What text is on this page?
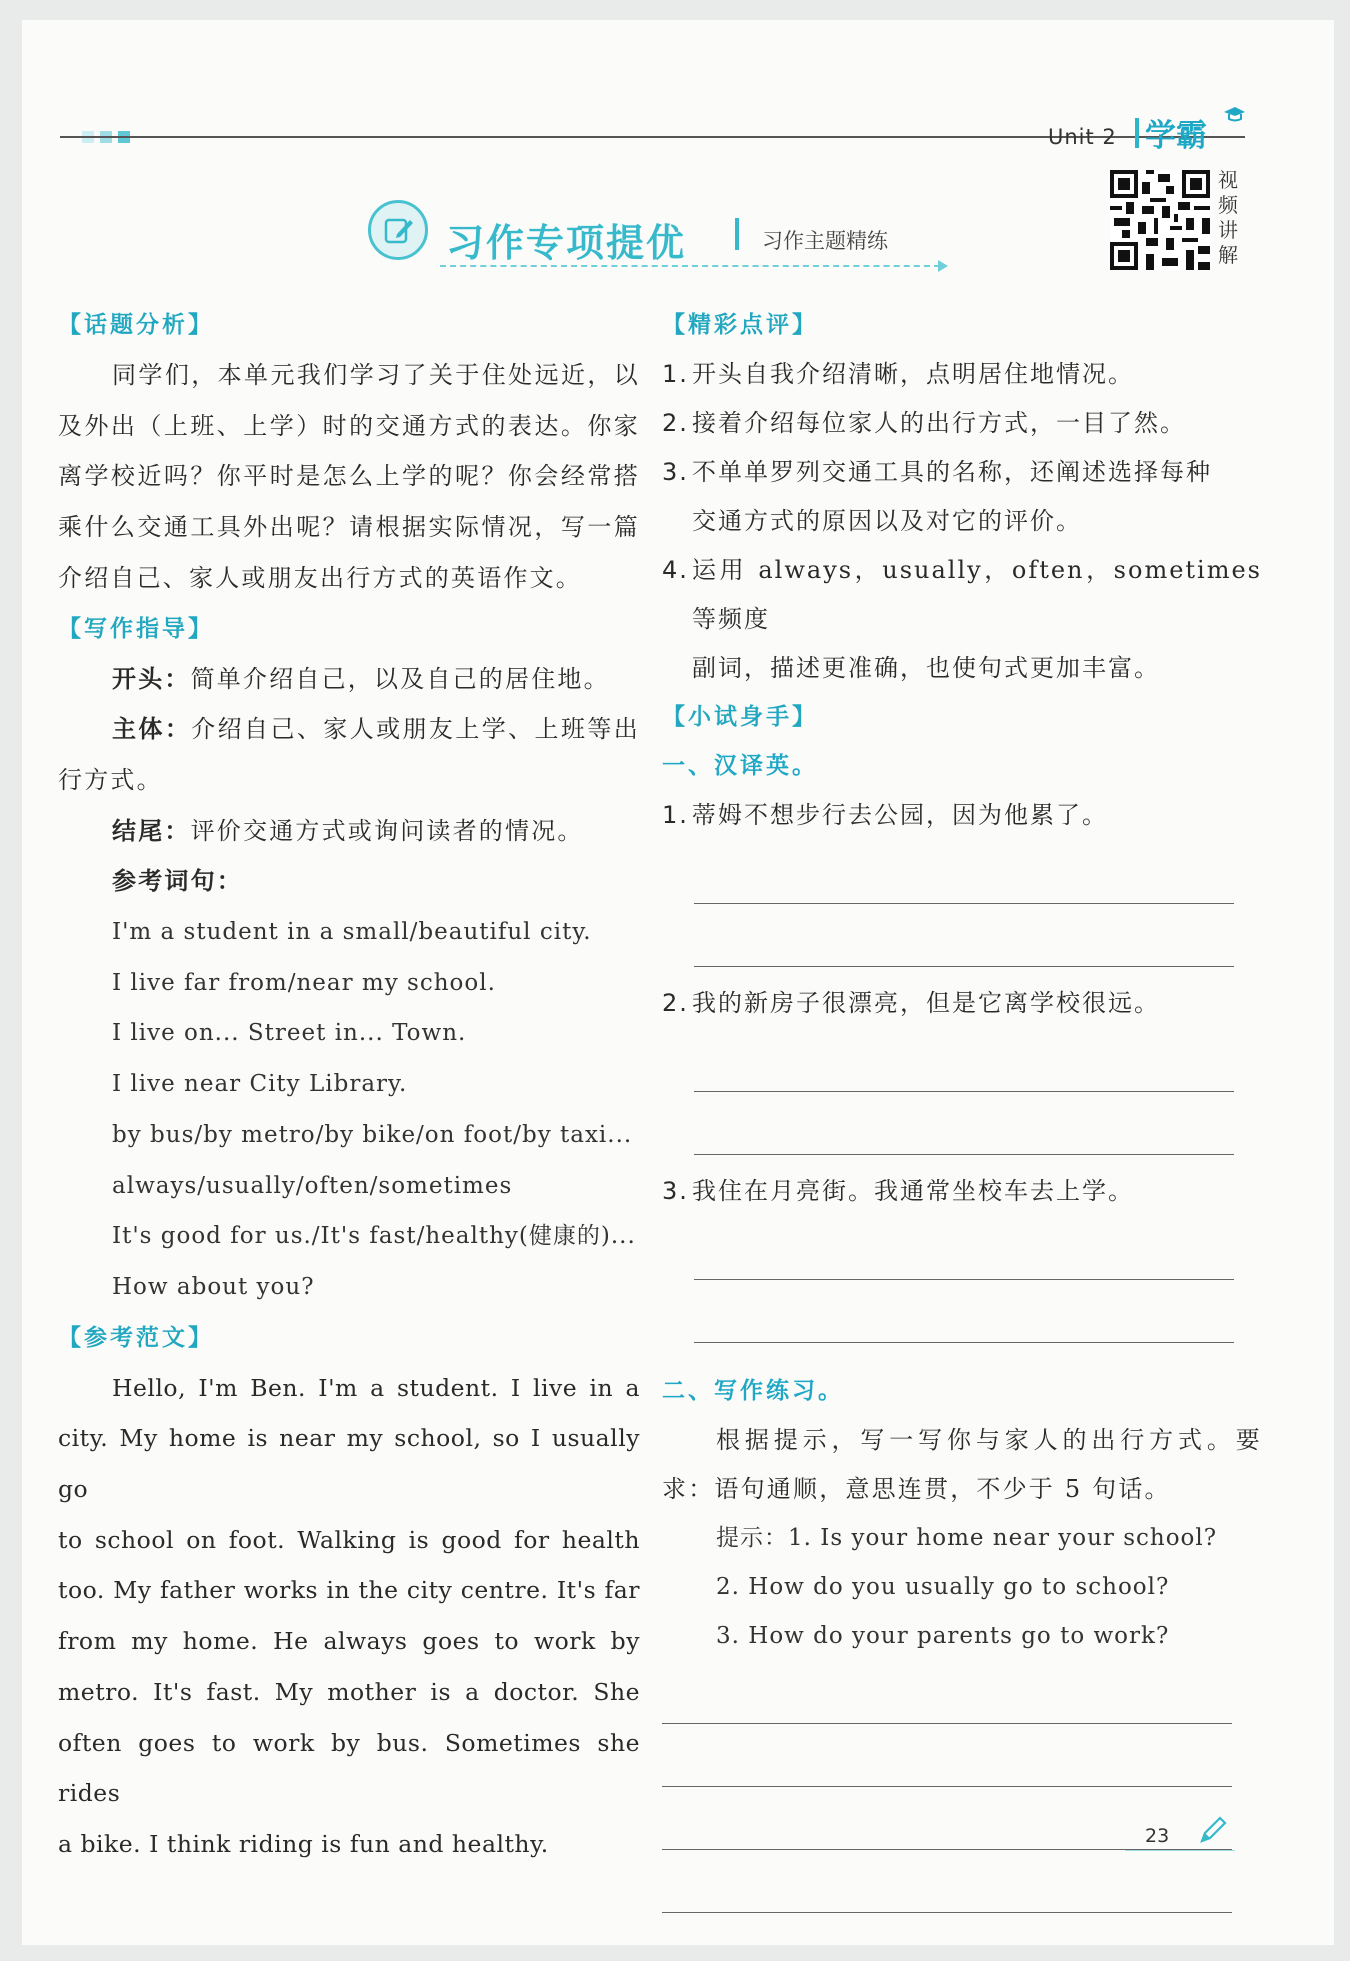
Unit 2 学霸
习作专项提优	习作主题精练
视频讲解
【话题分析】
同学们，本单元我们学习了关于住处远近，以及外出（上班、上学）时的交通方式的表达。你家离学校近吗？你平时是怎么上学的呢？你会经常搭乘什么交通工具外出呢？请根据实际情况，写一篇介绍自己、家人或朋友出行方式的英语作文。
【写作指导】
开头：简单介绍自己，以及自己的居住地。
主体：介绍自己、家人或朋友上学、上班等出行方式。
结尾：评价交通方式或询问读者的情况。
参考词句：
I'm a student in a small/beautiful city.
I live far from/near my school.
I live on... Street in... Town.
I live near City Library.
by bus/by metro/by bike/on foot/by taxi...
always/usually/often/sometimes
It's good for us./It's fast/healthy(健康的)...
How about you?
【参考范文】
Hello, I'm Ben. I'm a student. I live in a
city. My home is near my school, so I usually go
to school on foot. Walking is good for health
too. My father works in the city centre. It's far
from my home. He always goes to work by
metro. It's fast. My mother is a doctor. She
often goes to work by bus. Sometimes she rides
a bike. I think riding is fun and healthy.
【精彩点评】
1. 开头自我介绍清晰，点明居住地情况。
2. 接着介绍每位家人的出行方式，一目了然。
3. 不单单罗列交通工具的名称，还阐述选择每种
交通方式的原因以及对它的评价。
4. 运用 always，usually，often，sometimes 等频度
副词，描述更准确，也使句式更加丰富。
【小试身手】
一、汉译英。
1. 蒂姆不想步行去公园，因为他累了。
2. 我的新房子很漂亮，但是它离学校很远。
3. 我住在月亮街。我通常坐校车去上学。
二、写作练习。
根据提示，写一写你与家人的出行方式。要求：语句通顺，意思连贯，不少于 5 句话。
提示：1. Is your home near your school?
2. How do you usually go to school?
3. How do your parents go to work?
23
